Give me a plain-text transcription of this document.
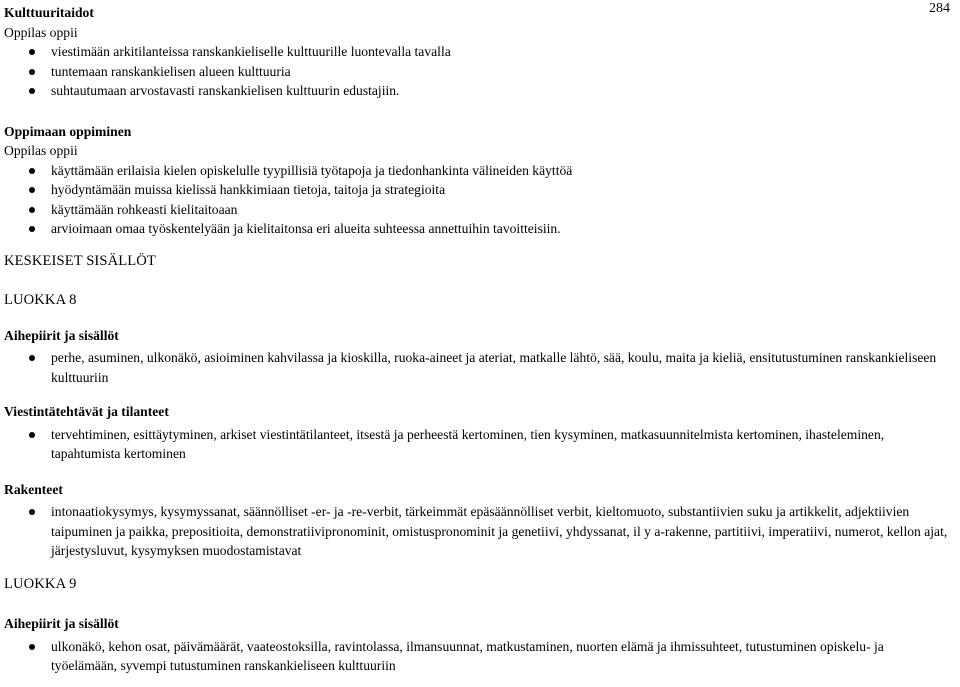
284

Kulttuuritaidot

Oppilas oppii

viestimään arkitilanteissa ranskankieliselle kulttuurille luontevalla tavalla
tuntemaan ranskankielisen alueen kulttuuria
suhtautumaan arvostavasti ranskankielisen kulttuurin edustajiin.

Oppimaan oppiminen

Oppilas oppii

käyttämään erilaisia kielen opiskelulle tyypillisiä työtapoja ja tiedonhankinta välineiden käyttöä
hyödyntämään muissa kielissä hankkimiaan tietoja, taitoja ja strategioita
käyttämään rohkeasti kielitaitoaan
arvioimaan omaa työskentelyään ja kielitaitonsa eri alueita suhteessa annettuihin tavoitteisiin.

KESKEISET SISÄLLÖT

LUOKKA 8

Aihepiirit ja sisällöt

perhe, asuminen, ulkonäkö, asioiminen kahvilassa ja kioskilla, ruoka-aineet ja ateriat, matkalle lähtö, sää, koulu, maita ja kieliä, ensitutustuminen ranskankieliseen kulttuuriin

Viestintätehtävät ja tilanteet

tervehtiminen, esittäytyminen, arkiset viestintätilanteet, itsestä ja perheestä kertominen, tien kysyminen, matkasuunnitelmista kertominen, ihasteleminen, tapahtumista kertominen

Rakenteet

intonaatiokysymys, kysymyssanat, säännölliset -er- ja -re-verbit, tärkeimmät epäsäännölliset verbit, kieltomuoto, substantiivien suku ja artikkelit, adjektiivien taipuminen ja paikka, prepositioita, demonstratiivipronominit, omistuspronominit ja genetiivi, yhdyssanat, il y a-rakenne, partitiivi, imperatiivi, numerot, kellon ajat, järjestysluvut, kysymyksen muodostamistavat

LUOKKA 9

Aihepiirit ja sisällöt

ulkonäkö, kehon osat, päivämäärät, vaateostoksilla, ravintolassa, ilmansuunnat, matkustaminen, nuorten elämä ja ihmissuhteet, tutustuminen opiskelu- ja työelämään, syvempi tutustuminen ranskankieliseen kulttuuriin
